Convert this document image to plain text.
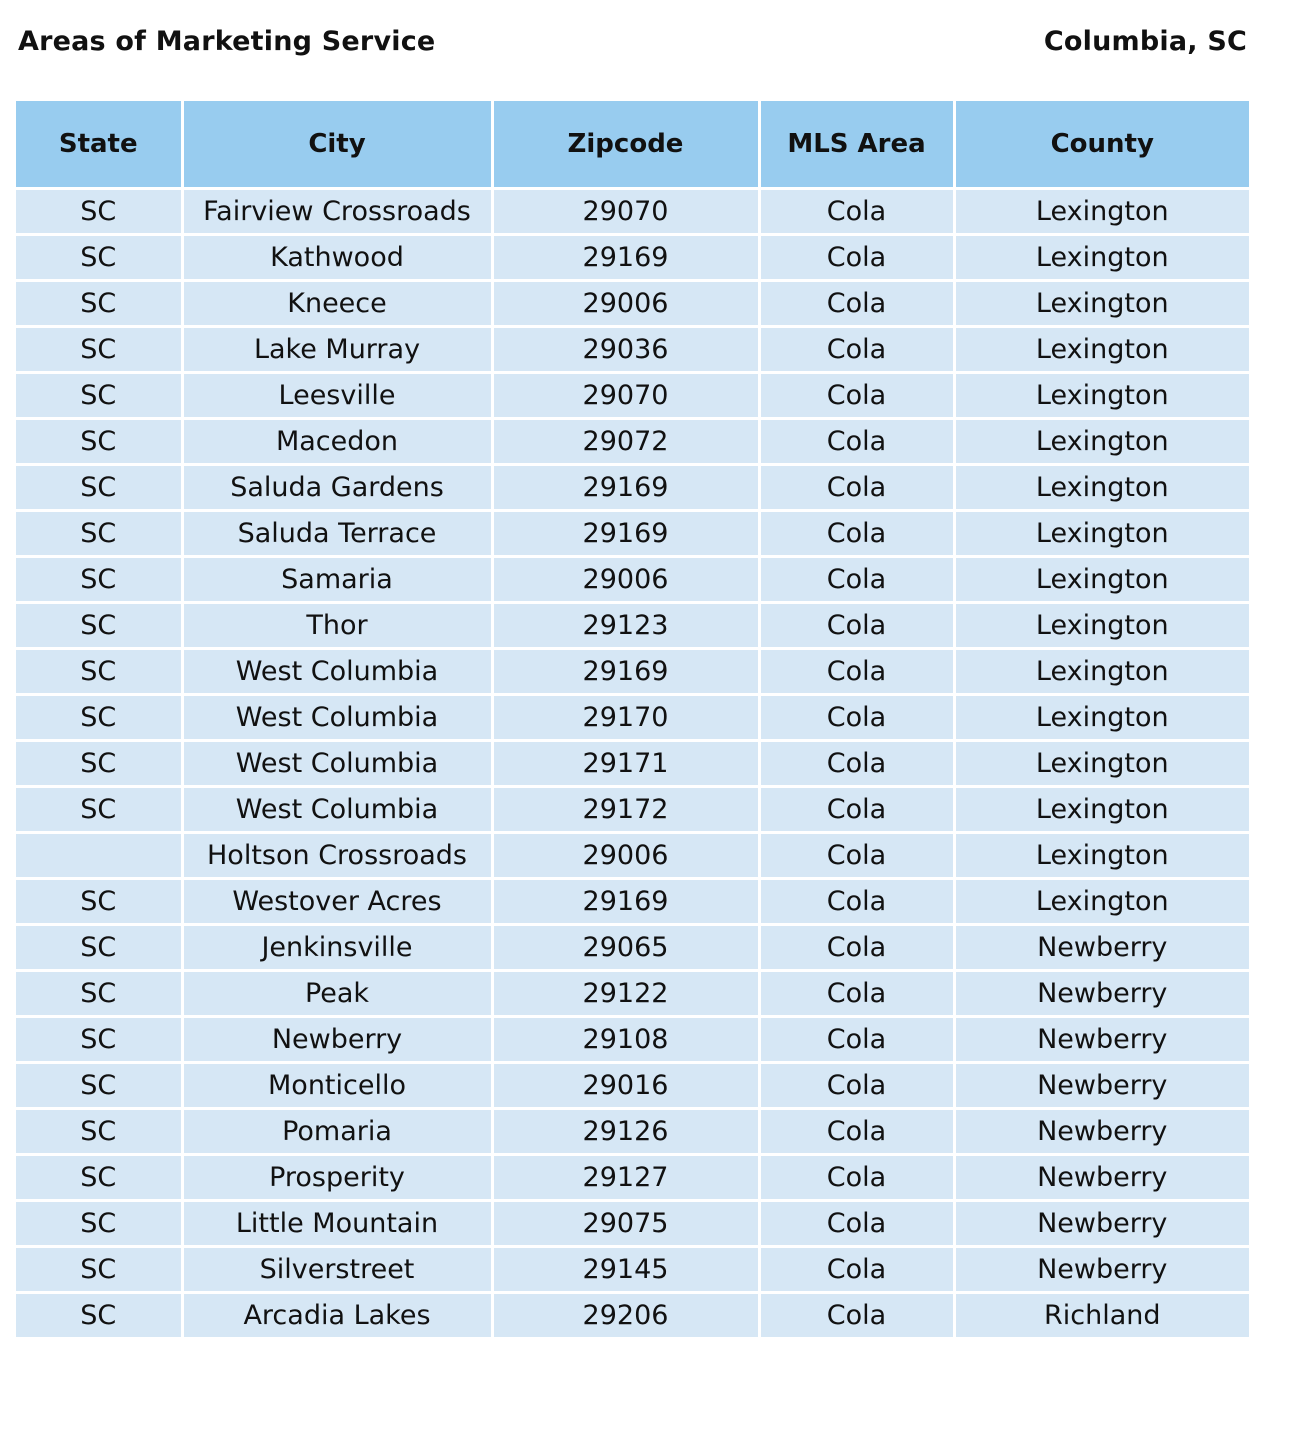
Areas of Marketing Service	Columbia, SC
State	City	Zipcode	MLS Area	County
SC	Fairview Crossroads	29070	Cola	Lexington
SC	Kathwood	29169	Cola	Lexington
SC	Kneece	29006	Cola	Lexington
SC	Lake Murray	29036	Cola	Lexington
SC	Leesville	29070	Cola	Lexington
SC	Macedon	29072	Cola	Lexington
SC	Saluda Gardens	29169	Cola	Lexington
SC	Saluda Terrace	29169	Cola	Lexington
SC	Samaria	29006	Cola	Lexington
SC	Thor	29123	Cola	Lexington
SC	West Columbia	29169	Cola	Lexington
SC	West Columbia	29170	Cola	Lexington
SC	West Columbia	29171	Cola	Lexington
SC	West Columbia	29172	Cola	Lexington
	Holtson Crossroads	29006	Cola	Lexington
SC	Westover Acres	29169	Cola	Lexington
SC	Jenkinsville	29065	Cola	Newberry
SC	Peak	29122	Cola	Newberry
SC	Newberry	29108	Cola	Newberry
SC	Monticello	29016	Cola	Newberry
SC	Pomaria	29126	Cola	Newberry
SC	Prosperity	29127	Cola	Newberry
SC	Little Mountain	29075	Cola	Newberry
SC	Silverstreet	29145	Cola	Newberry
SC	Arcadia Lakes	29206	Cola	Richland
